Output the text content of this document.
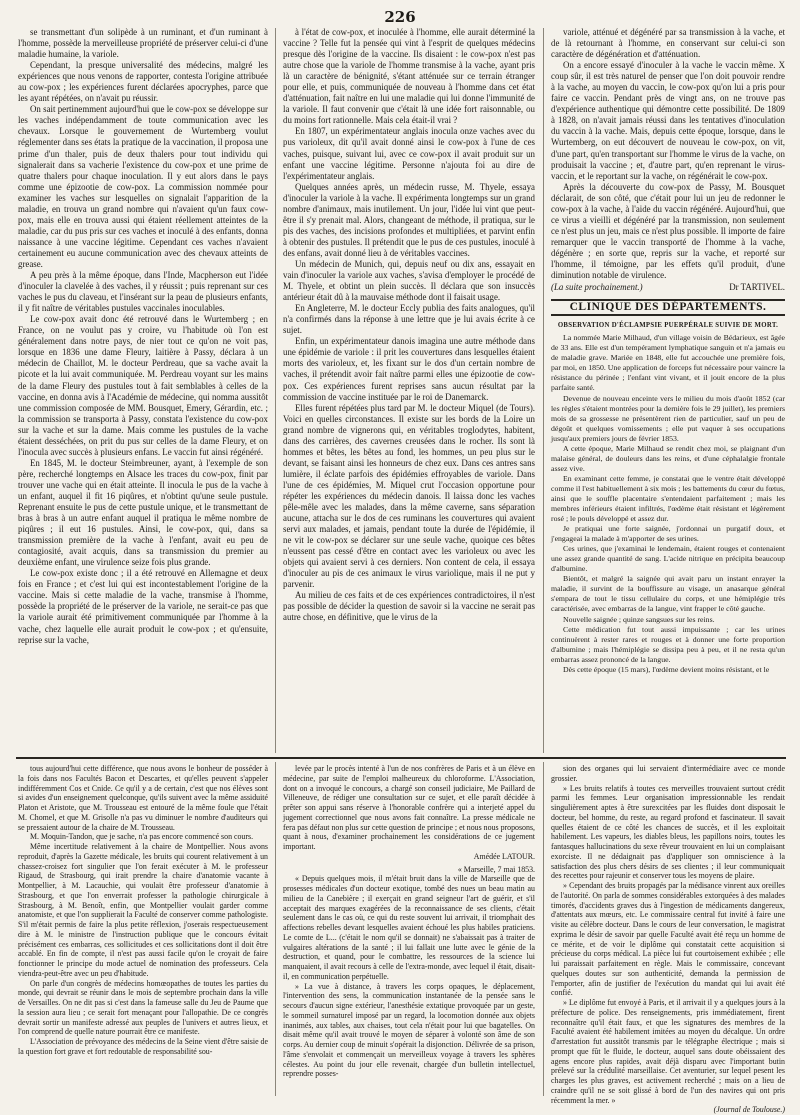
226

se transmettant d'un solipède à un ruminant, et d'un ruminant à l'homme, possède la merveilleuse propriété de préserver celui-ci d'une maladie humaine, la variole.

Cependant, la presque universalité des médecins, malgré les expériences que nous venons de rapporter, contesta l'origine attribuée au cow-pox ; les expériences furent déclarées apocryphes, parce que les ayant répétées, on n'avait pu réussir.

On sait pertinemment aujourd'hui que le cow-pox se développe sur les vaches indépendamment de toute communication avec les chevaux. Lorsque le gouvernement de Wurtemberg voulut réglementer dans ses états la pratique de la vaccination, il proposa une prime d'un thaler, puis de deux thalers pour tout individu qui signalerait dans sa vacherie l'existence du cow-pox et une prime de quatre thalers pour chaque inoculation. Il y eut alors dans le pays comme une épizootie de cow-pox. La commission nommée pour examiner les vaches sur lesquelles on signalait l'apparition de la maladie, en trouva un grand nombre qui n'avaient qu'un faux cow-pox, mais elle en trouva aussi qui étaient réellement atteintes de la maladie, car du pus pris sur ces vaches et inoculé à des enfants, donna naissance à une vaccine légitime. Cependant ces vaches n'avaient certainement eu aucune communication avec des chevaux atteints de grease.

A peu près à la même époque, dans l'Inde, Macpherson eut l'idée d'inoculer la clavelée à des vaches, il y réussit ; puis reprenant sur ces vaches le pus du claveau, et l'insérant sur la peau de plusieurs enfants, il y fit naître de véritables pustules vaccinales inoculables.

Le cow-pox avait donc été retrouvé dans le Wurtemberg ; en France, on ne voulut pas y croire, vu l'habitude où l'on est généralement dans notre pays, de nier tout ce qu'on ne voit pas, lorsque en 1836 une dame Fleury, laitière à Passy, déclara à un médecin de Chaillot, M. le docteur Perdreau, que sa vache avait la picote et la lui avait communiquée. M. Perdreau voyant sur les mains de la dame Fleury des pustules tout à fait semblables à celles de la vaccine, en donna avis à l'Académie de médecine, qui nomma aussitôt une commission composée de MM. Bousquet, Emery, Gérardin, etc. ; la commission se transporta à Passy, constata l'existence du cow-pox sur la vache et sur la dame. Mais comme les pustules de la vache étaient desséchées, on prit du pus sur celles de la dame Fleury, et on l'inocula avec succès à plusieurs enfans. Le vaccin fut ainsi régénéré.

En 1845, M. le docteur Steimbreuner, ayant, à l'exemple de son père, recherché longtemps en Alsace les traces du cow-pox, finit par trouver une vache qui en était atteinte. Il inocula le pus de la vache à un enfant, auquel il fit 16 piqûres, et n'obtint qu'une seule pustule. Reprenant ensuite le pus de cette pustule unique, et le transmettant de bras à bras à un autre enfant auquel il pratiqua le même nombre de piqûres ; il eut 16 pustules. Ainsi, le cow-pox, qui, dans sa transmission première de la vache à l'enfant, avait eu peu de contagiosité, avait acquis, dans sa transmission du premier au deuxième enfant, une virulence seize fois plus grande.

Le cow-pox existe donc ; il a été retrouvé en Allemagne et deux fois en France ; et c'est lui qui est incontestablement l'origine de la vaccine. Mais si cette maladie de la vache, transmise à l'homme, possède la propriété de le préserver de la variole, ne serait-ce pas que la variole aurait été primitivement communiquée par l'homme à la vache, chez laquelle elle aurait produit le cow-pox ; et qu'ensuite, reprise sur la vache,

à l'état de cow-pox, et inoculée à l'homme, elle aurait déterminé la vaccine ? Telle fut la pensée qui vint à l'esprit de quelques médecins presque dès l'origine de la vaccine. Ils disaient : le cow-pox n'est pas autre chose que la variole de l'homme transmise à la vache, ayant pris là un caractère de bénignité, s'étant atténuée sur ce terrain étranger pour elle, et puis, communiquée de nouveau à l'homme dans cet état d'atténuation, fait naître en lui une maladie qui lui donne l'immunité de la variole. Il faut convenir que c'était là une idée fort raisonnable, ou du moins fort rationnelle. Mais cela était-il vrai ?

En 1807, un expérimentateur anglais inocula onze vaches avec du pus varioleux, dit qu'il avait donné ainsi le cow-pox à l'une de ces vaches, puisque, suivant lui, avec ce cow-pox il avait produit sur un enfant une vaccine légitime. Personne n'ajouta foi au dire de l'expérimentateur anglais.

Quelques années après, un médecin russe, M. Thyele, essaya d'inoculer la variole à la vache. Il expérimenta longtemps sur un grand nombre d'animaux, mais inutilement. Un jour, l'idée lui vint que peut-être il s'y prenait mal. Alors, changeant de méthode, il pratiqua, sur le pis des vaches, des incisions profondes et multipliées, et parvint enfin à obtenir des pustules. Il prétendit que le pus de ces pustules, inoculé à des enfans, avait donné lieu à de véritables vaccines.

Un médecin de Munich, qui, depuis neuf ou dix ans, essayait en vain d'inoculer la variole aux vaches, s'avisa d'employer le procédé de M. Thyele, et obtint un plein succès. Il déclara que son insuccès antérieur était dû à la mauvaise méthode dont il faisait usage.

En Angleterre, M. le docteur Eccly publia des faits analogues, qu'il n'a confirmés dans la réponse à une lettre que je lui avais écrite à ce sujet.

Enfin, un expérimentateur danois imagina une autre méthode dans une épidémie de variole : il prit les couvertures dans lesquelles étaient morts des varioleux, et, les fixant sur le dos d'un certain nombre de vaches, il prétendit avoir fait naître parmi elles une épizootie de cow-pox. Ces expériences furent reprises sans aucun résultat par la commission de vaccine instituée par le roi de Danemarck.

Elles furent répétées plus tard par M. le docteur Miquel (de Tours). Voici en quelles circonstances. Il existe sur les bords de la Loire un grand nombre de vignerons qui, en véritables troglodytes, habitent, dans des carrières, des cavernes creusées dans le rocher. Ils sont là hommes et bêtes, les bêtes au fond, les hommes, un peu plus sur le devant, se faisant ainsi les honneurs de chez eux. Dans ces antres sans lumière, il éclate parfois des épidémies effroyables de variole. Dans l'une de ces épidémies, M. Miquel crut l'occasion opportune pour répéter les expériences du médecin danois. Il laissa donc les vaches pêle-mêle avec les malades, dans la même caverne, sans séparation aucune, attacha sur le dos de ces ruminans les couvertures qui avaient servi aux malades, et jamais, pendant toute la durée de l'épidémie, il ne vit le cow-pox se déclarer sur une seule vache, quoique ces bêtes n'eussent pas cessé d'être en contact avec les varioleux ou avec les objets qui avaient servi à ces derniers. Non content de cela, il essaya d'inoculer au pis de ces animaux le virus variolique, mais il ne put y parvenir.

Au milieu de ces faits et de ces expériences contradictoires, il n'est pas possible de décider la question de savoir si la vaccine ne serait pas autre chose, en définitive, que le virus de la

variole, atténué et dégénéré par sa transmission à la vache, et de là retournant à l'homme, en conservant sur celui-ci son caractère de dégénération et d'atténuation.

On a encore essayé d'inoculer à la vache le vaccin même. X coup sûr, il est très naturel de penser que l'on doit pouvoir rendre à la vache, au moyen du vaccin, le cow-pox qu'on lui a pris pour faire ce vaccin. Pendant près de vingt ans, on ne trouve pas d'expérience authentique qui démontre cette possibilité. De 1809 à 1828, on n'avait jamais réussi dans les tentatives d'inoculation du vaccin à la vache. Mais, depuis cette époque, lorsque, dans le Wurtemberg, on eut découvert de nouveau le cow-pox, on vit, d'une part, qu'en transportant sur l'homme le virus de la vache, on produisait la vaccine ; et, d'autre part, qu'en reprenant le virus-vaccin, et le reportant sur la vache, on régénérait le cow-pox.

Après la découverte du cow-pox de Passy, M. Bousquet déclarait, de son côté, que c'était pour lui un jeu de redonner le cow-pox à la vache, à l'aide du vaccin régénéré. Aujourd'hui, que ce virus a vieilli et dégénéré par la transmission, non seulement ce n'est plus un jeu, mais ce n'est plus possible. Il importe de faire remarquer que le vaccin transporté de l'homme à la vache, dégénère ; en sorte que, repris sur la vache, et reporté sur l'homme, il témoigne, par les effets qu'il produit, d'une diminution notable de virulence.

(La suite prochainement.)	Dr TARTIVEL.

CLINIQUE DES DÉPARTEMENTS.
OBSERVATION D'ÉCLAMPSIE PUERPÉRALE SUIVIE DE MORT.

La nommée Marie Milhaud, d'un village voisin de Bédarieux, est âgée de 33 ans. Elle est d'un tempérament lymphatique sanguin et n'a jamais eu de maladie grave. Mariée en 1848, elle fut accouchée une première fois, par moi, en 1850. Une application de forceps fut nécessaire pour vaincre la résistance du périnée ; l'enfant vint vivant, et il jouit encore de la plus parfaite santé.

Devenue de nouveau enceinte vers le milieu du mois d'août 1852 (car les règles s'étaient montrées pour la dernière fois le 29 juillet), les premiers mois de sa grossesse ne présentèrent rien de particulier, sauf un peu de dégoût et quelques vomissements ; elle put vaquer à ses occupations jusqu'aux premiers jours de février 1853.

A cette époque, Marie Milhaud se rendit chez moi, se plaignant d'un malaise général, de douleurs dans les reins, et d'une céphalalgie frontale assez vive.

En examinant cette femme, je constatai que le ventre était développé comme il l'est habituellement à six mois ; les battements du cœur du fœtus, ainsi que le souffle placentaire s'entendaient parfaitement ; mais les membres inférieurs étaient infiltrés, l'œdème était résistant et légèrement rosé ; le pouls développé et assez dur.

Je pratiquai une forte saignée, j'ordonnai un purgatif doux, et j'engageai la malade à m'apporter de ses urines.

Ces urines, que j'examinai le lendemain, étaient rouges et contenaient une assez grande quantité de sang. L'acide nitrique en précipita beaucoup d'albumine.

Bientôt, et malgré la saignée qui avait paru un instant enrayer la maladie, il survint de la bouffissure au visage, un anasarque général s'empara de tout le tissu cellulaire du corps, et une hémiplégie très caractérisée, avec embarras de la langue, vint frapper le côté gauche.

Nouvelle saignée ; quinze sangsues sur les reins.

Cette médication fut tout aussi impuissante ; car les urines continuèrent à rester rares et rouges et à donner une forte proportion d'albumine ; mais l'hémiplégie se dissipa peu à peu, et il ne resta qu'un embarras assez prononcé de la langue.

Dès cette époque (15 mars), l'œdème devient moins résistant, et le

tous aujourd'hui cette différence, que nous avons le bonheur de posséder à la fois dans nos Facultés Bacon et Descartes, et qu'elles peuvent s'appeler indifféremment Cos et Cnide. Ce qu'il y a de certain, c'est que nos élèves sont si avides d'un enseignement quelconque, qu'ils suivent avec la même assiduité Platon et Aristote, que M. Trousseau est entouré de la même foule que l'était M. Chomel, et que M. Grisolle n'a pas vu diminuer le nombre d'auditeurs qui se pressaient autour de la chaire de M. Trousseau.

M. Moquin-Tandon, que je sache, n'a pas encore commencé son cours.

Même incertitude relativement à la chaire de Montpellier. Nous avons reproduit, d'après la Gazette médicale, les bruits qui courent relativement à un chassez-croisez fort singulier que l'on ferait exécuter à M. le professeur Rigaud, de Strasbourg, qui irait prendre la chaire d'anatomie vacante à Montpellier, à M. Lacauchie, qui voulait être professeur d'anatomie à Strasbourg, et que l'on enverrait professer la pathologie chirurgicale à Strasbourg, à M. Benoît, enfin, que Montpellier voulait garder comme anatomiste, et que l'on supplierait la Faculté de conserver comme pathologiste. S'il m'était permis de faire la plus petite réflexion, j'oserais respectueusement dire à M. le ministre de l'instruction publique que le concours évitait précisément ces embarras, ces sollicitudes et ces sollicitations dont il doit être accablé. En fin de compte, il n'est pas aussi facile qu'on le croyait de faire fonctionner le principe du mode actuel de nomination des professeurs. Cela viendra-peut-être avec un peu d'habitude.

On parle d'un congrès de médecins homœopathes de toutes les parties du monde, qui devrait se réunir dans le mois de septembre prochain dans la ville de Versailles. On ne dit pas si c'est dans la fameuse salle du Jeu de Paume que la session aura lieu ; ce serait fort menaçant pour l'allopathie. De ce congrès devrait sortir un manifeste adressé aux peuples de l'univers et autres lieux, et l'on comprend de quelle nature pourrait être ce manifeste.

L'Association de prévoyance des médecins de la Seine vient d'être saisie de la question fort grave et fort redoutable de responsabilité sou-

levée par le procès intenté à l'un de nos confrères de Paris et à un élève en médecine, par suite de l'emploi malheureux du chloroforme. L'Association, dont on a invoqué le concours, a chargé son conseil judiciaire, Me Paillard de Villeneuve, de rédiger une consultation sur ce sujet, et elle paraît décidée à prêter son appui sans réserve à l'honorable confrère qui a interjeté appel du jugement correctionnel que nous avons fait connaître. La presse médicale ne fera pas défaut non plus sur cette question de principe ; et nous nous proposons, quant à nous, d'examiner prochainement les considérations de ce jugement important.

Amédée LATOUR.

« Marseille, 7 mai 1853.

« Depuis quelques mois, il m'était bruit dans la ville de Marseille que de prosesses médicales d'un docteur exotique, tombé des nues un beau matin au milieu de la Canebière ; il exerçait en grand seigneur l'art de guérir, et s'il acceptait des marques exagérées de la reconnaissance de ses clients, c'était seulement dans le cas où, ce qui du reste souvent lui arrivait, il triomphait des affections rebelles devant lesquelles avaient échoué les plus habiles praticiens. Le comte de L... (c'était le nom qu'il se donnait) ne s'abaissait pas à traiter de vulgaires altérations de la santé ; il lui fallait une lutte avec le génie de la destruction, et quand, pour le combattre, les ressources de la science lui manquaient, il avait recours à celle de l'extra-monde, avec lequel il était, disait-il, en communication perpétuelle.

» La vue à distance, à travers les corps opaques, le déplacement, l'intervention des sens, la communication instantanée de la pensée sans le secours d'aucun signe extérieur, l'anesthésie extatique provoquée par un geste, le sommeil surnaturel imposé par un regard, la locomotion donnée aux objets inanimés, aux tables, aux chaises, tout cela n'était pour lui que bagatelles. On disait même qu'il avait trouvé le moyen de séparer à volonté son âme de son corps. Au dernier coup de minuit s'opérait la disjonction. Délivrée de sa prison, l'âme s'envolait et commençait un merveilleux voyage à travers les sphères célestes. Au point du jour elle revenait, chargée d'un bulletin intellectuel, reprendre posses-

sion des organes qui lui servaient d'intermédiaire avec ce monde grossier.

» Les bruits relatifs à toutes ces merveilles trouvaient surtout crédit parmi les femmes. Leur organisation impressionnable les rendait singulièrement aptes à être surexcitées par les fluides dont disposait le docteur, bel homme, du reste, au regard profond et fascinateur. Il savait quelles étaient de ce côté les chances de succès, et il les exploitait habilement. Les vapeurs, les diables bleus, les papillons noirs, toutes les fantasques hallucinations du sexe rêveur trouvaient en lui un complaisant exorciste. Il ne dédaignait pas d'appliquer son omniscience à la satisfaction des plus chers désirs de ses clientes ; il leur communiquait des recettes pour rajeunir et conserver tous les moyens de plaire.

» Cependant des bruits propagés par la médisance vinrent aux oreilles de l'autorité. On parla de sommes considérables extorquées à des malades timorés, d'accidents graves dus à l'ingestion de médicaments dangereux, d'attentats aux mœurs, etc. Le commissaire central fut invité à faire une visite au célèbre docteur. Dans le cours de leur conversation, le magistrat exprima le désir de savoir par quelle Faculté avait été reçu un homme de ce mérite, et de voir le diplôme qui constatait cette acquisition si précieuse du corps médical. La pièce lui fut courtoisement exhibée ; elle lui paraissait parfaitement en règle. Mais le commissaire, concevant quelques doutes sur son authenticité, demanda la permission de l'emporter, afin de justifier de l'exécution du mandat qui lui avait été confié.

» Le diplôme fut envoyé à Paris, et il arrivait il y a quelques jours à la préfecture de police. Des renseignements, pris immédiatement, firent reconnaître qu'il était faux, et que les signatures des membres de la Faculté avaient été habilement imitées au moyen du décalque. Un ordre d'arrestation fut aussitôt transmis par le télégraphe électrique ; mais si prompt que fût le fluide, le docteur, auquel sans doute obéissaient des agens encore plus rapides, avait déjà disparu avec l'important butin prélevé sur la crédulité marseillaise. Cet aventurier, sur lequel pesent les charges les plus graves, est activement recherché ; mais on a lieu de craindre qu'il ne se soit glissé à bord de l'un des navires qui ont pris récemment la mer. »

(Journal de Toulouse.)
